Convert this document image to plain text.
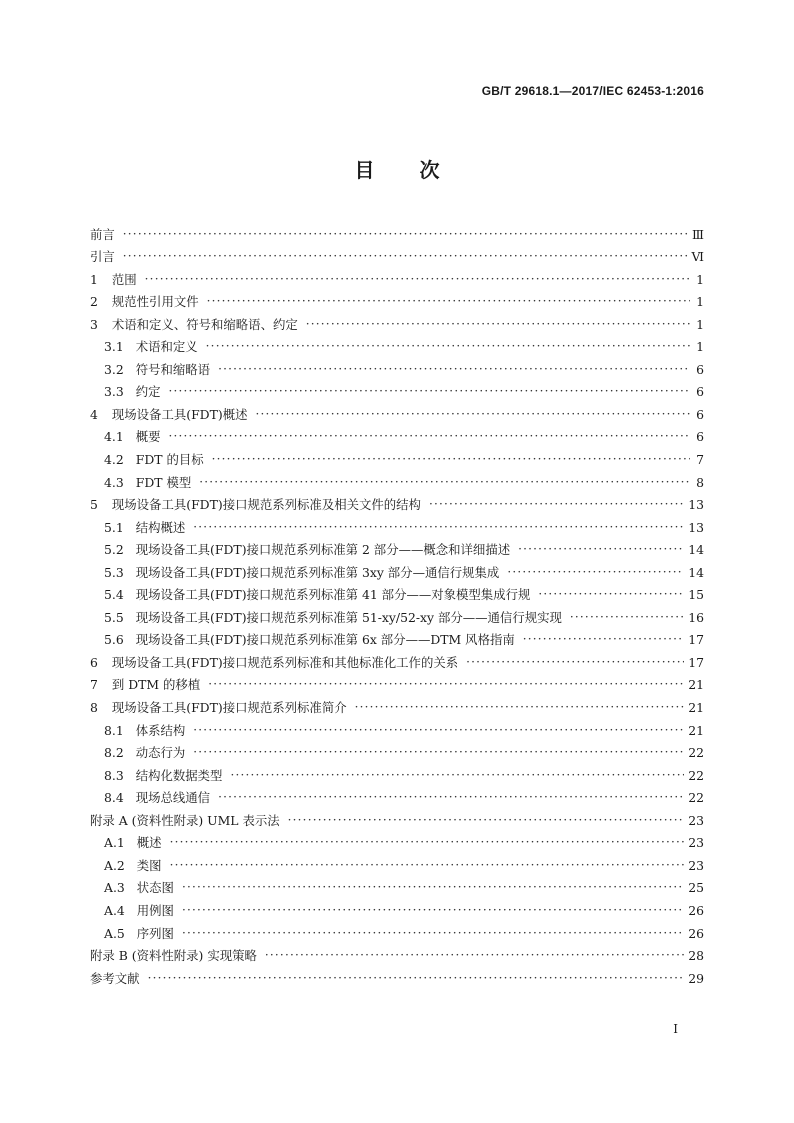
GB/T 29618.1—2017/IEC 62453-1:2016
目 次
前言 ·····	Ⅲ
引言 ·····	Ⅵ
1	范围 ·····	1
2	规范性引用文件 ·····	1
3	术语和定义、符号和缩略语、约定 ·····	1
3.1 术语和定义 ·····	1
3.2 符号和缩略语 ·····	6
3.3 约定 ·····	6
4	现场设备工具(FDT)概述 ·····	6
4.1 概要 ·····	6
4.2 FDT 的目标 ·····	7
4.3 FDT 模型 ·····	8
5	现场设备工具(FDT)接口规范系列标准及相关文件的结构 ·····	13
5.1 结构概述 ·····	13
5.2 现场设备工具(FDT)接口规范系列标准第 2 部分——概念和详细描述 ·····	14
5.3 现场设备工具(FDT)接口规范系列标准第 3xy 部分—通信行规集成 ·····	14
5.4 现场设备工具(FDT)接口规范系列标准第 41 部分——对象模型集成行规 ·····	15
5.5 现场设备工具(FDT)接口规范系列标准第 51-xy/52-xy 部分——通信行规实现 ·····	16
5.6 现场设备工具(FDT)接口规范系列标准第 6x 部分——DTM 风格指南 ·····	17
6	现场设备工具(FDT)接口规范系列标准和其他标准化工作的关系 ·····	17
7	到 DTM 的移植 ·····	21
8	现场设备工具(FDT)接口规范系列标准简介 ·····	21
8.1 体系结构 ·····	21
8.2 动态行为 ·····	22
8.3 结构化数据类型 ·····	22
8.4 现场总线通信 ·····	22
附录 A (资料性附录) UML 表示法 ·····	23
A.1 概述 ·····	23
A.2 类图 ·····	23
A.3 状态图 ·····	25
A.4 用例图 ·····	26
A.5 序列图 ·····	26
附录 B (资料性附录) 实现策略 ·····	28
参考文献 ·····	29
I
